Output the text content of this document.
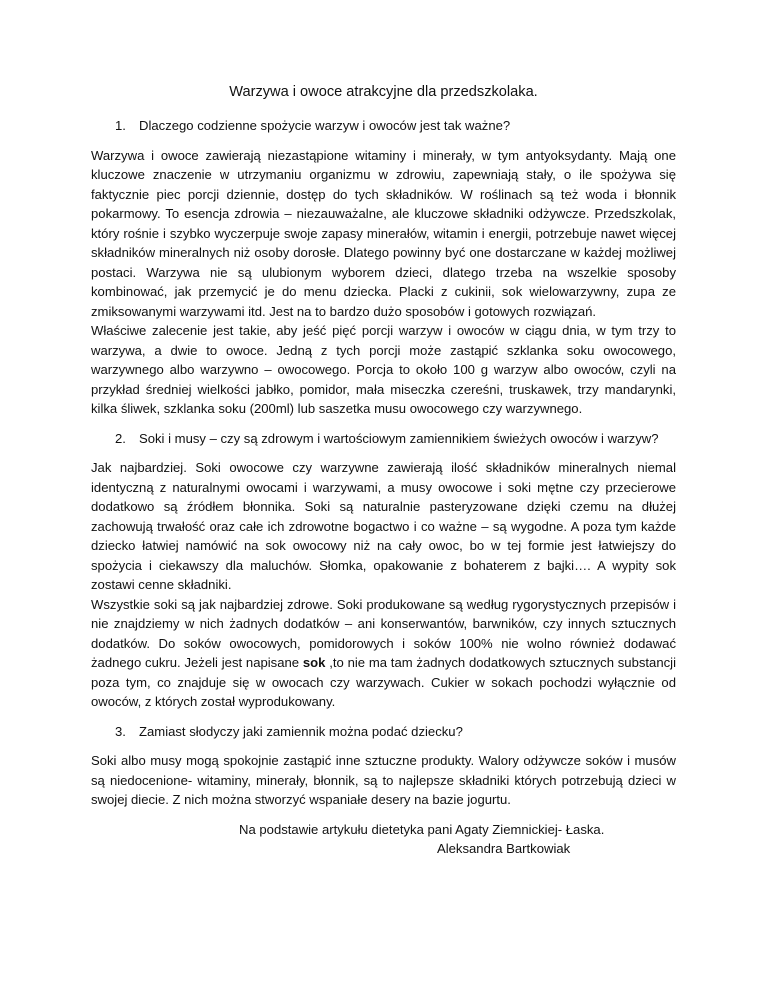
Warzywa i owoce atrakcyjne dla przedszkolaka.
1. Dlaczego codzienne spożycie warzyw i owoców jest tak ważne?

Warzywa i owoce zawierają niezastąpione witaminy i minerały, w tym antyoksydanty. Mają one kluczowe znaczenie w utrzymaniu organizmu w zdrowiu, zapewniają stały, o ile spożywa się faktycznie piec porcji dziennie, dostęp do tych składników. W roślinach są też woda i błonnik pokarmowy. To esencja zdrowia – niezauważalne, ale kluczowe składniki odżywcze. Przedszkolak, który rośnie i szybko wyczerpuje swoje zapasy minerałów, witamin i energii, potrzebuje nawet więcej składników mineralnych niż osoby dorosłe. Dlatego powinny być one dostarczane w każdej możliwej postaci. Warzywa nie są ulubionym wyborem dzieci, dlatego trzeba na wszelkie sposoby kombinować, jak przemycić je do menu dziecka. Placki z cukinii, sok wielowarzywny, zupa ze zmiksowanymi warzywami itd. Jest na to bardzo dużo sposobów i gotowych rozwiązań.

Właściwe zalecenie jest takie, aby jeść pięć porcji warzyw i owoców w ciągu dnia, w tym trzy to warzywa, a dwie to owoce. Jedną z tych porcji może zastąpić szklanka soku owocowego, warzywnego albo warzywno – owocowego. Porcja to około 100 g warzyw albo owoców, czyli na przykład średniej wielkości jabłko, pomidor, mała miseczka czereśni, truskawek, trzy mandarynki, kilka śliwek, szklanka soku (200ml) lub saszetka musu owocowego czy warzywnego.

2. Soki i musy – czy są zdrowym i wartościowym zamiennikiem świeżych owoców i warzyw?

Jak najbardziej. Soki owocowe czy warzywne zawierają ilość składników mineralnych niemal identyczną z naturalnymi owocami i warzywami, a musy owocowe i soki mętne czy przecierowe dodatkowo są źródłem błonnika. Soki są naturalnie pasteryzowane dzięki czemu na dłużej zachowują trwałość oraz całe ich zdrowotne bogactwo i co ważne – są wygodne. A poza tym każde dziecko łatwiej namówić na sok owocowy niż na cały owoc, bo w tej formie jest łatwiejszy do spożycia i ciekawszy dla maluchów. Słomka, opakowanie z bohaterem z bajki…. A wypity sok zostawi cenne składniki.

Wszystkie soki są jak najbardziej zdrowe. Soki produkowane są według rygorystycznych przepisów i nie znajdziemy w nich żadnych dodatków – ani konserwantów, barwników, czy innych sztucznych dodatków. Do soków owocowych, pomidorowych i soków 100% nie wolno również dodawać żadnego cukru. Jeżeli jest napisane sok ,to nie ma tam żadnych dodatkowych sztucznych substancji poza tym, co znajduje się w owocach czy warzywach. Cukier w sokach pochodzi wyłącznie od owoców, z których został wyprodukowany.

3. Zamiast słodyczy jaki zamiennik można podać dziecku?

Soki albo musy mogą spokojnie zastąpić inne sztuczne produkty. Walory odżywcze soków i musów są niedocenione- witaminy, minerały, błonnik, są to najlepsze składniki których potrzebują dzieci w swojej diecie. Z nich można stworzyć wspaniałe desery na bazie jogurtu.

Na podstawie artykułu dietetyka pani Agaty Ziemnickiej- Łaska.
Aleksandra Bartkowiak
